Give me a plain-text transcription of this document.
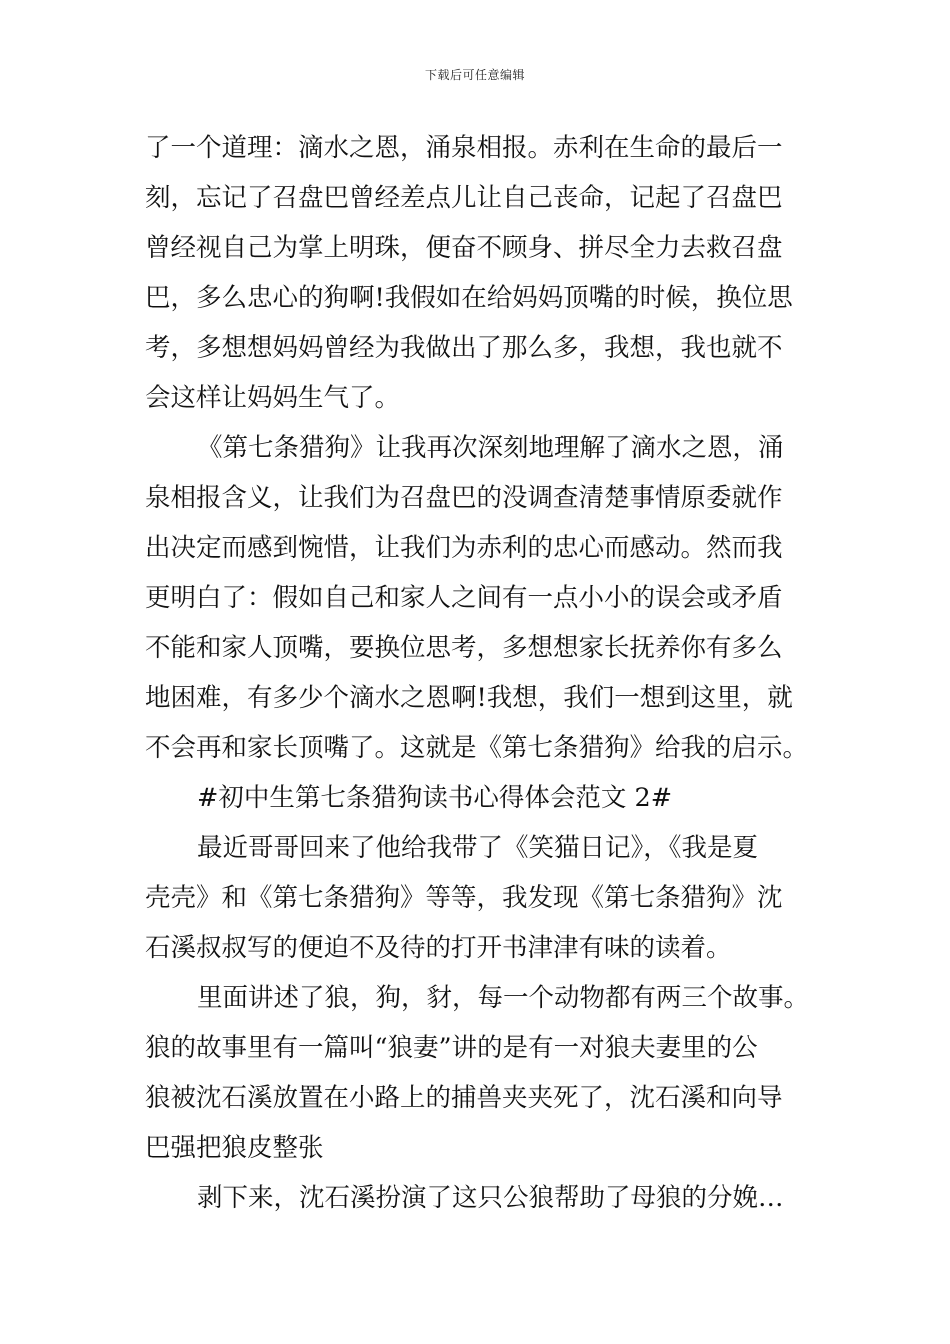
下载后可任意编辑
了一个道理：滴水之恩，涌泉相报。赤利在生命的最后一
刻，忘记了召盘巴曾经差点儿让自己丧命，记起了召盘巴
曾经视自己为掌上明珠，便奋不顾身、拼尽全力去救召盘
巴，多么忠心的狗啊!我假如在给妈妈顶嘴的时候，换位思
考，多想想妈妈曾经为我做出了那么多，我想，我也就不
会这样让妈妈生气了。
《第七条猎狗》让我再次深刻地理解了滴水之恩，涌
泉相报含义，让我们为召盘巴的没调查清楚事情原委就作
出决定而感到惋惜，让我们为赤利的忠心而感动。然而我
更明白了：假如自己和家人之间有一点小小的误会或矛盾
不能和家人顶嘴，要换位思考，多想想家长抚养你有多么
地困难，有多少个滴水之恩啊!我想，我们一想到这里，就
不会再和家长顶嘴了。这就是《第七条猎狗》给我的启示。
#初中生第七条猎狗读书心得体会范文 2#
最近哥哥回来了他给我带了《笑猫日记》，《我是夏
壳壳》和《第七条猎狗》等等，我发现《第七条猎狗》沈
石溪叔叔写的便迫不及待的打开书津津有味的读着。
里面讲述了狼，狗，豺，每一个动物都有两三个故事。
狼的故事里有一篇叫“狼妻”讲的是有一对狼夫妻里的公
狼被沈石溪放置在小路上的捕兽夹夹死了，沈石溪和向导
巴强把狼皮整张
剥下来，沈石溪扮演了这只公狼帮助了母狼的分娩…
